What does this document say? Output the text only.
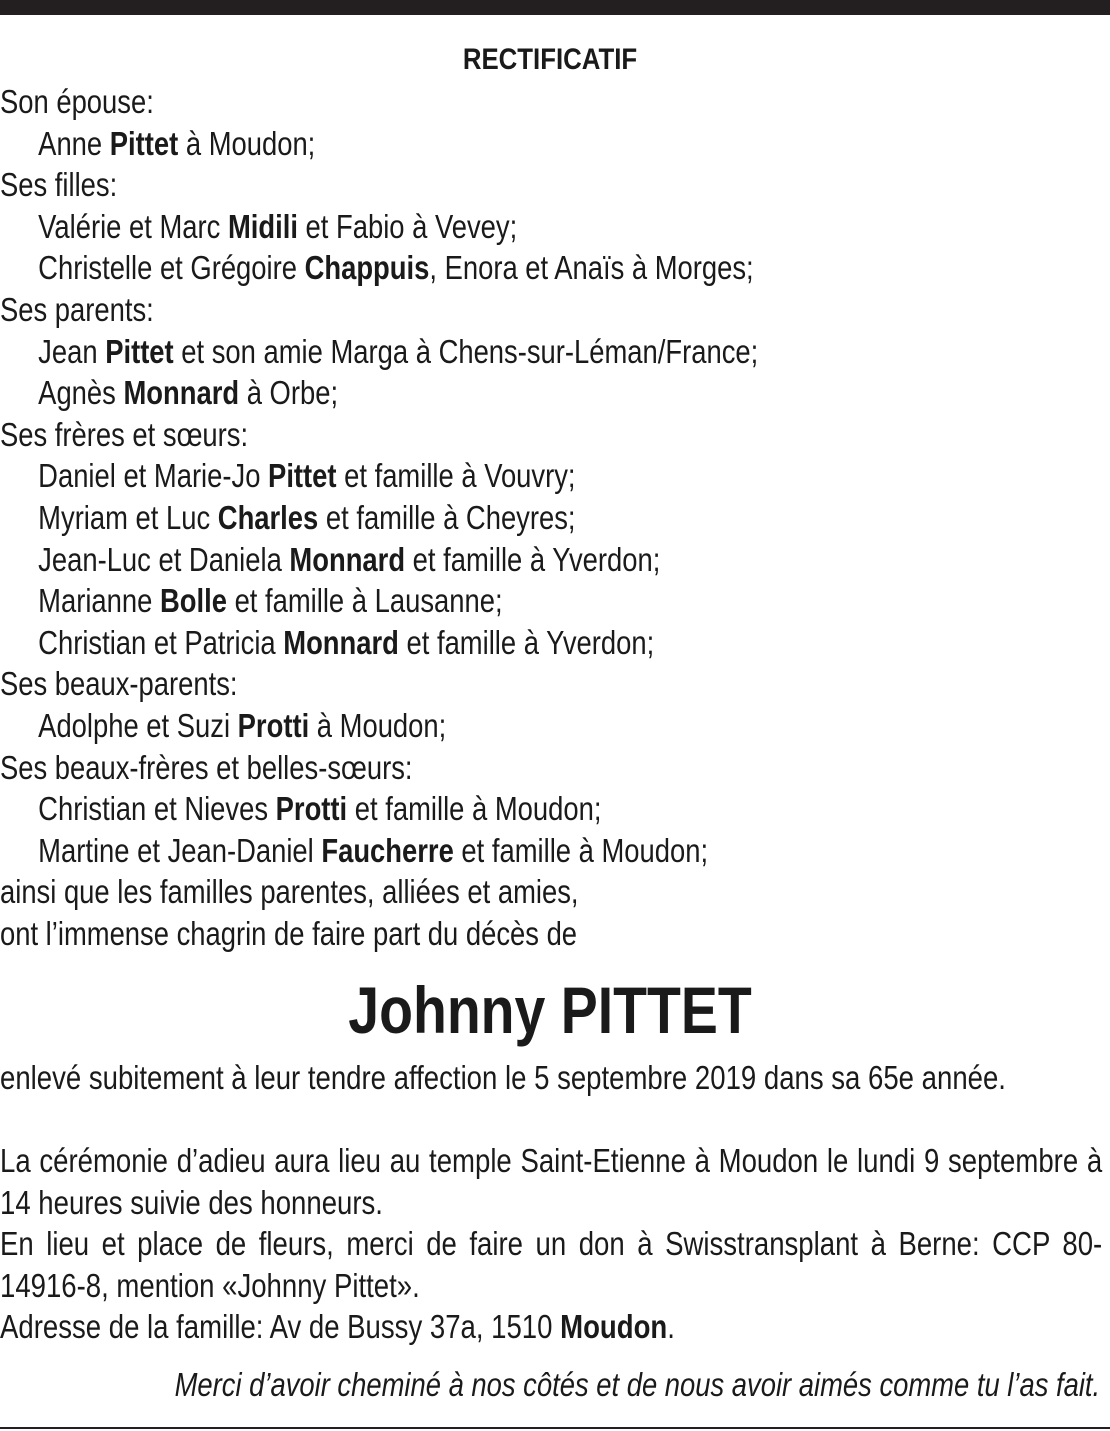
RECTIFICATIF
Son épouse:
Anne Pittet à Moudon;
Ses filles:
Valérie et Marc Midili et Fabio à Vevey;
Christelle et Grégoire Chappuis, Enora et Anaïs à Morges;
Ses parents:
Jean Pittet et son amie Marga à Chens-sur-Léman/France;
Agnès Monnard à Orbe;
Ses frères et sœurs:
Daniel et Marie-Jo Pittet et famille à Vouvry;
Myriam et Luc Charles et famille à Cheyres;
Jean-Luc et Daniela Monnard et famille à Yverdon;
Marianne Bolle et famille à Lausanne;
Christian et Patricia Monnard et famille à Yverdon;
Ses beaux-parents:
Adolphe et Suzi Protti à Moudon;
Ses beaux-frères et belles-sœurs:
Christian et Nieves Protti et famille à Moudon;
Martine et Jean-Daniel Faucherre et famille à Moudon;
ainsi que les familles parentes, alliées et amies,
ont l’immense chagrin de faire part du décès de
Johnny PITTET
enlevé subitement à leur tendre affection le 5 septembre 2019 dans sa 65e année.
La cérémonie d’adieu aura lieu au temple Saint-Etienne à Moudon le lundi 9 septembre à 14 heures suivie des honneurs.
En lieu et place de fleurs, merci de faire un don à Swisstransplant à Berne: CCP 80-14916-8, mention «Johnny Pittet».
Adresse de la famille: Av de Bussy 37a, 1510 Moudon.
Merci d’avoir cheminé à nos côtés et de nous avoir aimés comme tu l’as fait.
